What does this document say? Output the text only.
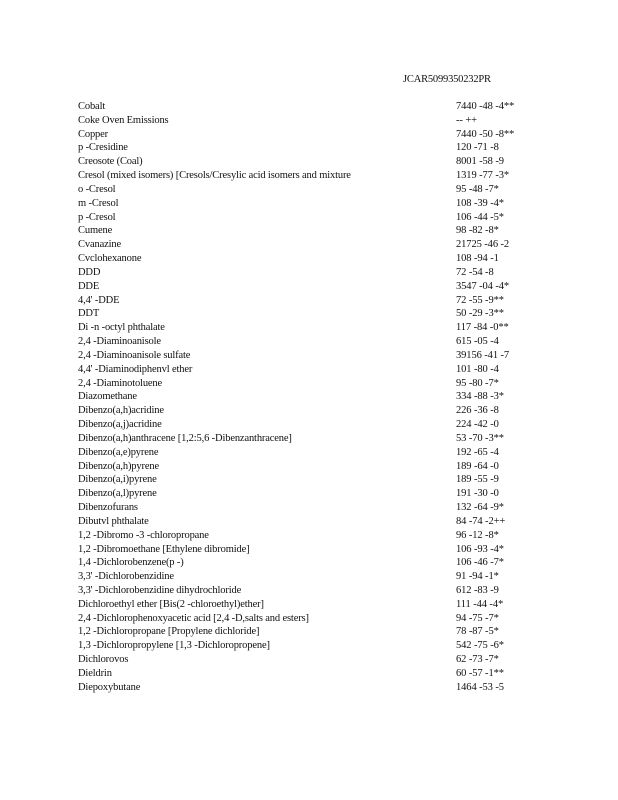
JCAR5099350232PR
Cobalt	7440 -48 -4**
Coke Oven Emissions	-- ++
Copper	7440 -50 -8**
p -Cresidine	120 -71 -8
Creosote (Coal)	8001 -58 -9
Cresol (mixed isomers) [Cresols/Cresylic acid isomers and mixture	1319 -77 -3*
o -Cresol	95 -48 -7*
m -Cresol	108 -39 -4*
p -Cresol	106 -44 -5*
Cumene	98 -82 -8*
Cvanazine	21725 -46 -2
Cvclohexanone	108 -94 -1
DDD	72 -54 -8
DDE	3547 -04 -4*
4,4' -DDE	72 -55 -9**
DDT	50 -29 -3**
Di -n -octyl phthalate	117 -84 -0**
2,4 -Diaminoanisole	615 -05 -4
2,4 -Diaminoanisole sulfate	39156 -41 -7
4,4' -Diaminodiphenvl ether	101 -80 -4
2,4 -Diaminotoluene	95 -80 -7*
Diazomethane	334 -88 -3*
Dibenzo(a,h)acridine	226 -36 -8
Dibenzo(a,j)acridine	224 -42 -0
Dibenzo(a,h)anthracene [1,2:5,6 -Dibenzanthracene]	53 -70 -3**
Dibenzo(a,e)pyrene	192 -65 -4
Dibenzo(a,h)pyrene	189 -64 -0
Dibenzo(a,i)pyrene	189 -55 -9
Dibenzo(a,l)pyrene	191 -30 -0
Dibenzofurans	132 -64 -9*
Dibutvl phthalate	84 -74 -2++
1,2 -Dibromo -3 -chloropropane	96 -12 -8*
1,2 -Dibromoethane [Ethylene dibromide]	106 -93 -4*
1,4 -Dichlorobenzene(p -)	106 -46 -7*
3,3' -Dichlorobenzidine	91 -94 -1*
3,3' -Dichlorobenzidine dihydrochloride	612 -83 -9
Dichloroethyl ether [Bis(2 -chloroethyl)ether]	111 -44 -4*
2,4 -Dichlorophenoxyacetic acid [2,4 -D,salts and esters]	94 -75 -7*
1,2 -Dichloropropane [Propylene dichloride]	78 -87 -5*
1,3 -Dichloropropylene [1,3 -Dichloropropene]	542 -75 -6*
Dichlorovos	62 -73 -7*
Dieldrin	60 -57 -1**
Diepoxybutane	1464 -53 -5
